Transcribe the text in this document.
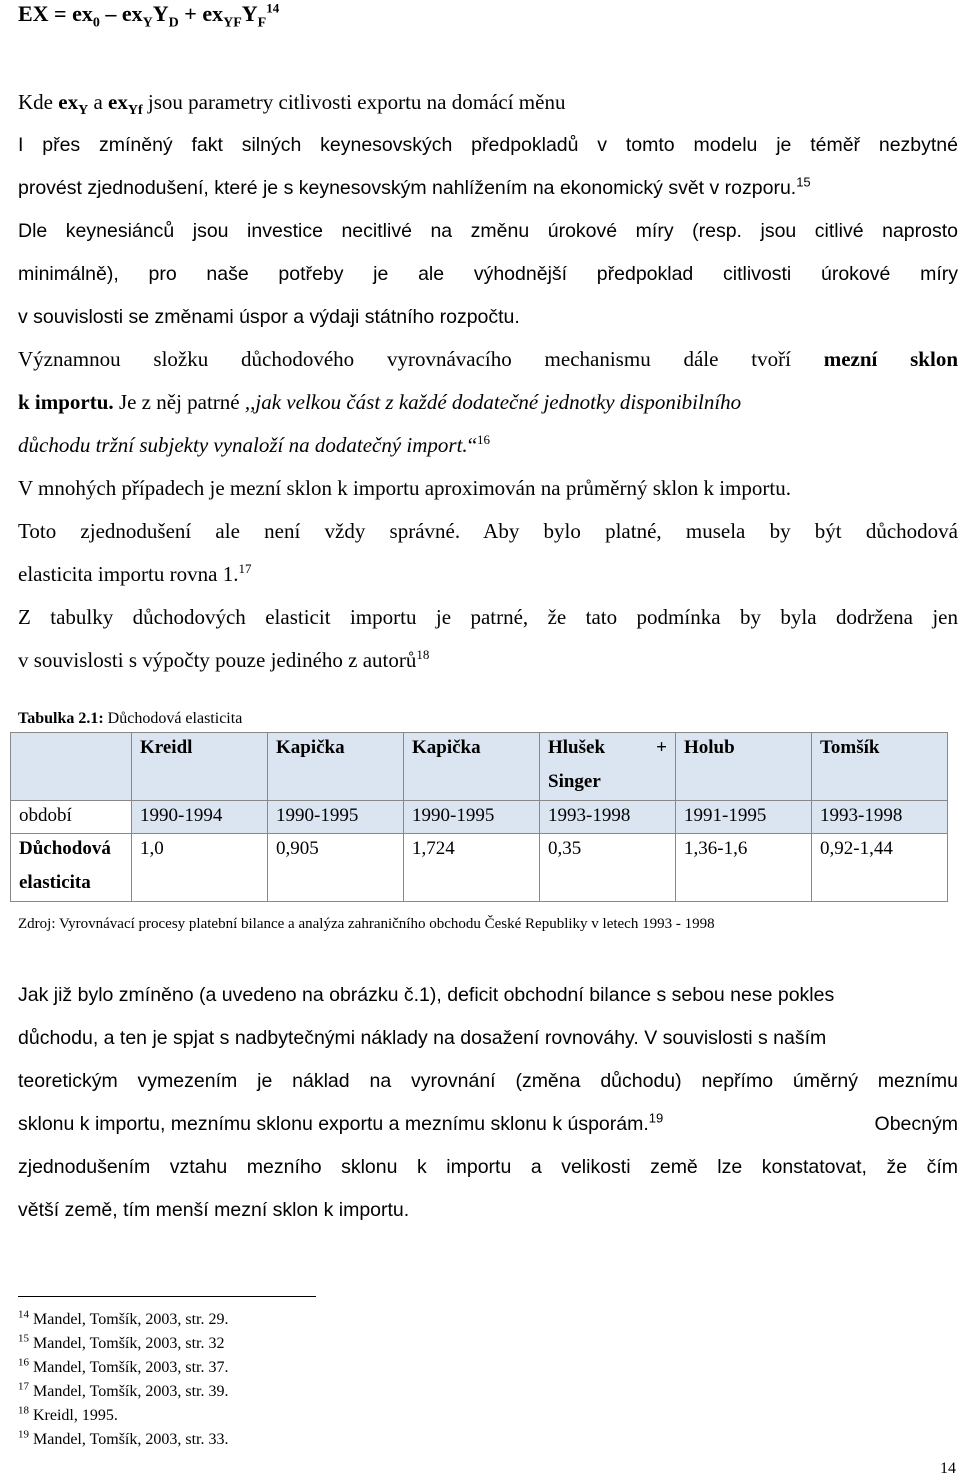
EX = $ex_0 - ex_YY_D + ex_{YF}Y_F^{14}$
Kde $ex_Y$ a $ex_{Yf}$ jsou parametry citlivosti exportu na domácí měnu
I přes zmíněný fakt silných keynesovských předpokladů v tomto modelu je téměř nezbytné
provést zjednodušení, které je s keynesovským nahlížením na ekonomický svět v rozporu.$^{15}$
Dle keynesiánců jsou investice necitlivé na změnu úrokové míry (resp. jsou citlivé naprosto
minimálně), pro naše potřeby je ale výhodnější předpoklad citlivosti úrokové míry
v souvislosti se změnami úspor a výdaji státního rozpočtu.
Významnou složku důchodového vyrovnávacího mechanismu dále tvoří mezní sklon
k importu. Je z něj patrné ,,jak velkou část z každé dodatečné jednotky disponibilního
důchodu tržní subjekty vynaloží na dodatečný import.“$^{16}$
V mnohých případech je mezní sklon k importu aproximován na průměrný sklon k importu.
Toto zjednodušení ale není vždy správné. Aby bylo platné, musela by být důchodová
elasticita importu rovna 1.17
Z tabulky důchodových elasticit importu je patrné, že tato podmínka by byla dodržena jen
v souvislosti s výpočty pouze jediného z autorů$^{18}$
Tabulka 2.1: Důchodová elasticita
	Kreidl	Kapička	Kapička	Hlušek +
Singer	Holub	Tomšík
období	1990-1994	1990-1995	1990-1995	1993-1998	1991-1995	1993-1998

Důchodová
elasticita	1,0	0,905	1,724	0,35	1,36-1,6	0,92-1,44
Zdroj: Vyrovnávací procesy platební bilance a analýza zahraničního obchodu České Republiky v letech 1993 - 1998
Jak již bylo zmíněno (a uvedeno na obrázku č.1), deficit obchodní bilance s sebou nese pokles
důchodu, a ten je spjat s nadbytečnými náklady na dosažení rovnováhy. V souvislosti s naším
teoretickým vymezením je náklad na vyrovnání (změna důchodu) nepřímo úměrný meznímu
sklonu k importu, meznímu sklonu exportu a meznímu sklonu k úsporám.$^{19}$	Obecným
zjednodušením vztahu mezního sklonu k importu a velikosti země lze konstatovat, že čím
větší země, tím menší mezní sklon k importu.
$^{14}$ Mandel, Tomšík, 2003, str. 29.
$^{15}$ Mandel, Tomšík, 2003, str. 32
$^{16}$ Mandel, Tomšík, 2003, str. 37.
$^{17}$ Mandel, Tomšík, 2003, str. 39.
$^{18}$ Kreidl, 1995.
$^{19}$ Mandel, Tomšík, 2003, str. 33.
14
